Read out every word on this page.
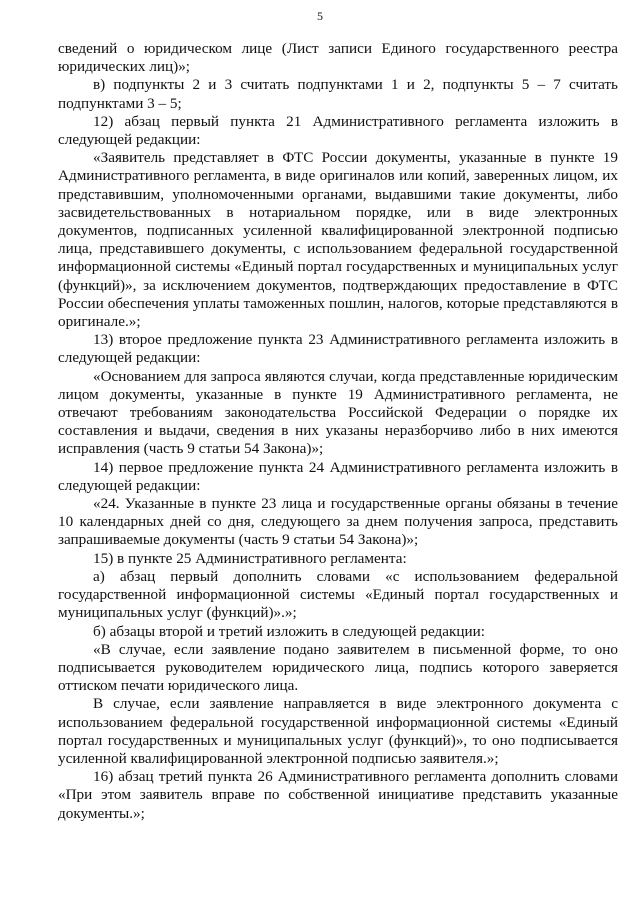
5

сведений о юридическом лице (Лист записи Единого государственного реестра юридических лиц)»;

в) подпункты 2 и 3 считать подпунктами 1 и 2, подпункты 5 – 7 считать подпунктами 3 – 5;

12) абзац первый пункта 21 Административного регламента изложить в следующей редакции:

«Заявитель представляет в ФТС России документы, указанные в пункте 19 Административного регламента, в виде оригиналов или копий, заверенных лицом, их представившим, уполномоченными органами, выдавшими такие документы, либо засвидетельствованных в нотариальном порядке, или в виде электронных документов, подписанных усиленной квалифицированной электронной подписью лица, представившего документы, с использованием федеральной государственной информационной системы «Единый портал государственных и муниципальных услуг (функций)», за исключением документов, подтверждающих предоставление в ФТС России обеспечения уплаты таможенных пошлин, налогов, которые представляются в оригинале.»;

13) второе предложение пункта 23 Административного регламента изложить в следующей редакции:

«Основанием для запроса являются случаи, когда представленные юридическим лицом документы, указанные в пункте 19 Административного регламента, не отвечают требованиям законодательства Российской Федерации о порядке их составления и выдачи, сведения в них указаны неразборчиво либо в них имеются исправления (часть 9 статьи 54 Закона)»;

14) первое предложение пункта 24 Административного регламента изложить в следующей редакции:

«24. Указанные в пункте 23 лица и государственные органы обязаны в течение 10 календарных дней со дня, следующего за днем получения запроса, представить запрашиваемые документы (часть 9 статьи 54 Закона)»;

15) в пункте 25 Административного регламента:

а) абзац первый дополнить словами «с использованием федеральной государственной информационной системы «Единый портал государственных и муниципальных услуг (функций)».»;

б) абзацы второй и третий изложить в следующей редакции:

«В случае, если заявление подано заявителем в письменной форме, то оно подписывается руководителем юридического лица, подпись которого заверяется оттиском печати юридического лица.

В случае, если заявление направляется в виде электронного документа с использованием федеральной государственной информационной системы «Единый портал государственных и муниципальных услуг (функций)», то оно подписывается усиленной квалифицированной электронной подписью заявителя.»;

16) абзац третий пункта 26 Административного регламента дополнить словами «При этом заявитель вправе по собственной инициативе представить указанные документы.»;
